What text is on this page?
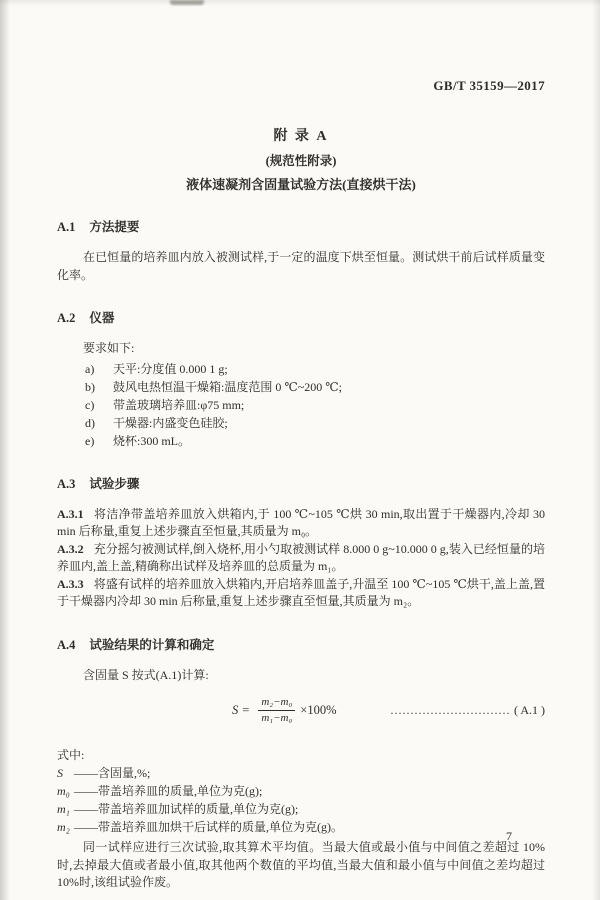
GB/T 35159—2017
附 录 A
(规范性附录)
液体速凝剂含固量试验方法(直接烘干法)
A.1 方法提要
在已恒量的培养皿内放入被测试样,于一定的温度下烘至恒量。测试烘干前后试样质量变化率。
A.2 仪器
要求如下:
a)	天平:分度值 0.000 1 g;
b)	鼓风电热恒温干燥箱:温度范围 0 ℃~200 ℃;
c)	带盖玻璃培养皿:φ75 mm;
d)	干燥器:内盛变色硅胶;
e)	烧杯:300 mL。
A.3 试验步骤
A.3.1 将洁净带盖培养皿放入烘箱内,于 100 ℃~105 ℃烘 30 min,取出置于干燥器内,冷却 30 min 后称量,重复上述步骤直至恒量,其质量为 m₀。
A.3.2 充分摇匀被测试样,倒入烧杯,用小勺取被测试样 8.000 0 g~10.000 0 g,装入已经恒量的培养皿内,盖上盖,精确称出试样及培养皿的总质量为 m₁。
A.3.3 将盛有试样的培养皿放入烘箱内,开启培养皿盖子,升温至 100 ℃~105 ℃烘干,盖上盖,置于干燥器内冷却 30 min 后称量,重复上述步骤直至恒量,其质量为 m₂。
A.4 试验结果的计算和确定
含固量 S 按式(A.1)计算:
$S = \frac{\text{m₂−m₀}}{\text{m₁−m₀}} \times 100\%$	………………………… ( A.1 )
式中:
S —— 含固量,%;
m₀ —— 带盖培养皿的质量,单位为克(g);
m₁ —— 带盖培养皿加试样的质量,单位为克(g);
m₂ —— 带盖培养皿加烘干后试样的质量,单位为克(g)。
同一试样应进行三次试验,取其算术平均值。当最大值或最小值与中间值之差超过 10%时,去掉最大值或者最小值,取其他两个数值的平均值,当最大值和最小值与中间值之差均超过 10%时,该组试验作废。
7
